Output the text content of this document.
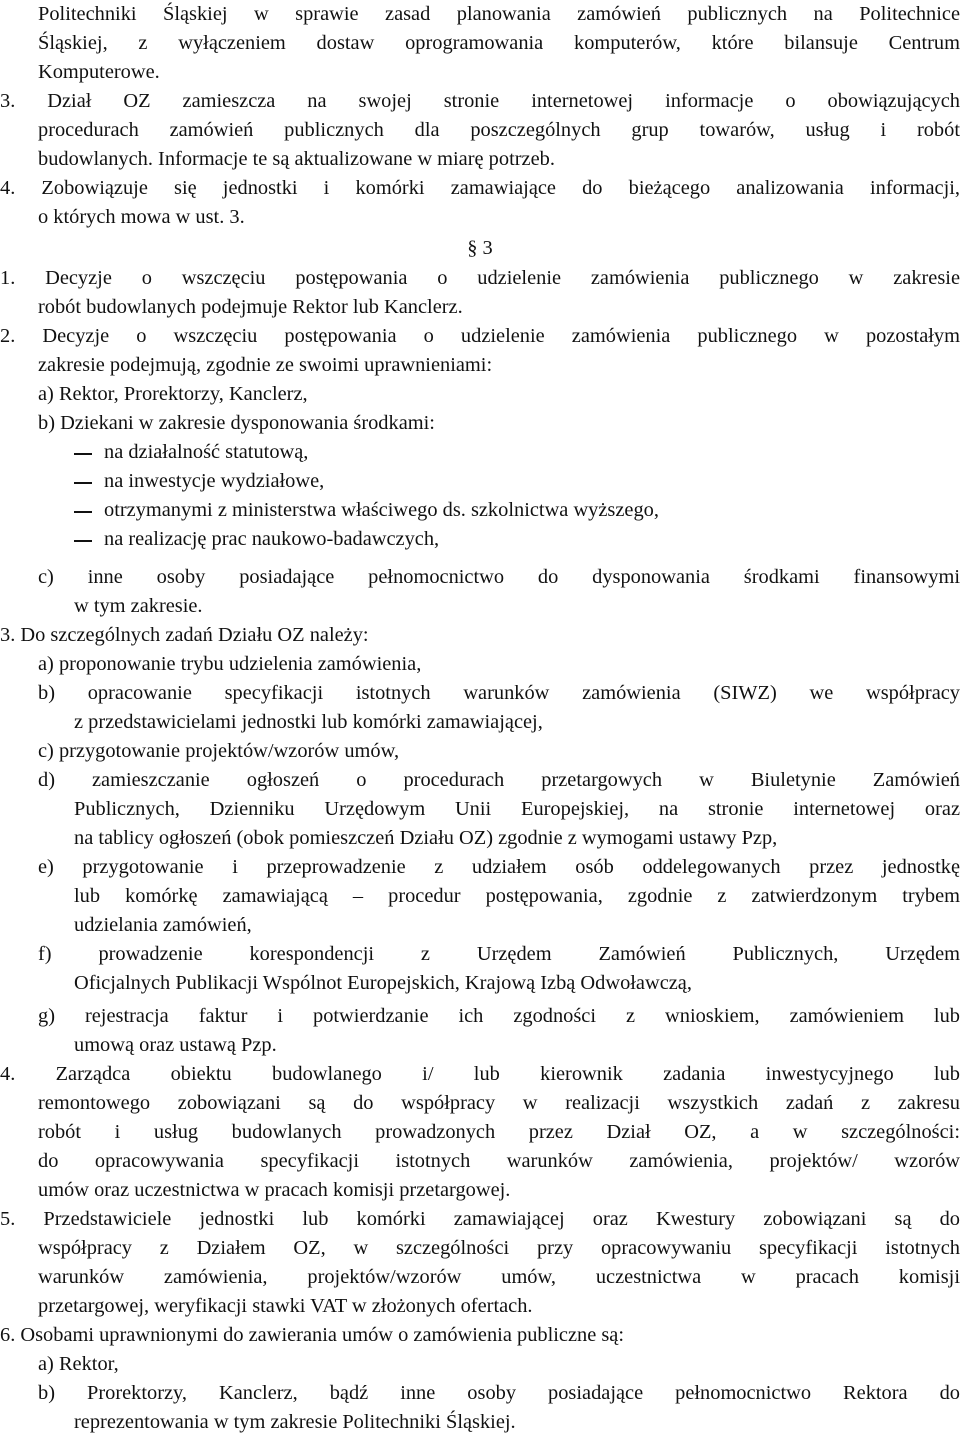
Politechniki Śląskiej w sprawie zasad planowania zamówień publicznych na Politechnice
Śląskiej, z wyłączeniem dostaw oprogramowania komputerów, które bilansuje Centrum
Komputerowe.
3. Dział OZ zamieszcza na swojej stronie internetowej informacje o obowiązujących
procedurach zamówień publicznych dla poszczególnych grup towarów, usług i robót
budowlanych. Informacje te są aktualizowane w miarę potrzeb.
4. Zobowiązuje się jednostki i komórki zamawiające do bieżącego analizowania informacji,
o których mowa w ust. 3.
§ 3
1. Decyzje o wszczęciu postępowania o udzielenie zamówienia publicznego w zakresie
robót budowlanych podejmuje Rektor lub Kanclerz.
2. Decyzje o wszczęciu postępowania o udzielenie zamówienia publicznego w pozostałym
zakresie podejmują, zgodnie ze swoimi uprawnieniami:
a) Rektor, Prorektorzy, Kanclerz,
b) Dziekani w zakresie dysponowania środkami:
na działalność statutową,
na inwestycje wydziałowe,
otrzymanymi z ministerstwa właściwego ds. szkolnictwa wyższego,
na realizację prac naukowo-badawczych,
c) inne osoby posiadające pełnomocnictwo do dysponowania środkami finansowymi
w tym zakresie.
3. Do szczególnych zadań Działu OZ należy:
a) proponowanie trybu udzielenia zamówienia,
b) opracowanie specyfikacji istotnych warunków zamówienia (SIWZ) we współpracy
z przedstawicielami jednostki lub komórki zamawiającej,
c) przygotowanie projektów/wzorów umów,
d) zamieszczanie ogłoszeń o procedurach przetargowych w Biuletynie Zamówień
Publicznych, Dzienniku Urzędowym Unii Europejskiej, na stronie internetowej oraz
na tablicy ogłoszeń (obok pomieszczeń Działu OZ) zgodnie z wymogami ustawy Pzp,
e) przygotowanie i przeprowadzenie z udziałem osób oddelegowanych przez jednostkę
lub komórkę zamawiającą – procedur postępowania, zgodnie z zatwierdzonym trybem
udzielania zamówień,
f) prowadzenie korespondencji z Urzędem Zamówień Publicznych, Urzędem
Oficjalnych Publikacji Wspólnot Europejskich, Krajową Izbą Odwoławczą,
g) rejestracja faktur i potwierdzanie ich zgodności z wnioskiem, zamówieniem lub
umową oraz ustawą Pzp.
4. Zarządca obiektu budowlanego i/ lub kierownik zadania inwestycyjnego lub
remontowego zobowiązani są do współpracy w realizacji wszystkich zadań z zakresu
robót i usług budowlanych prowadzonych przez Dział OZ, a w szczególności:
do opracowywania specyfikacji istotnych warunków zamówienia, projektów/ wzorów
umów oraz uczestnictwa w pracach komisji przetargowej.
5. Przedstawiciele jednostki lub komórki zamawiającej oraz Kwestury zobowiązani są do
współpracy z Działem OZ, w szczególności przy opracowywaniu specyfikacji istotnych
warunków zamówienia, projektów/wzorów umów, uczestnictwa w pracach komisji
przetargowej, weryfikacji stawki VAT w złożonych ofertach.
6. Osobami uprawnionymi do zawierania umów o zamówienia publiczne są:
a) Rektor,
b) Prorektorzy, Kanclerz, bądź inne osoby posiadające pełnomocnictwo Rektora do
reprezentowania w tym zakresie Politechniki Śląskiej.
